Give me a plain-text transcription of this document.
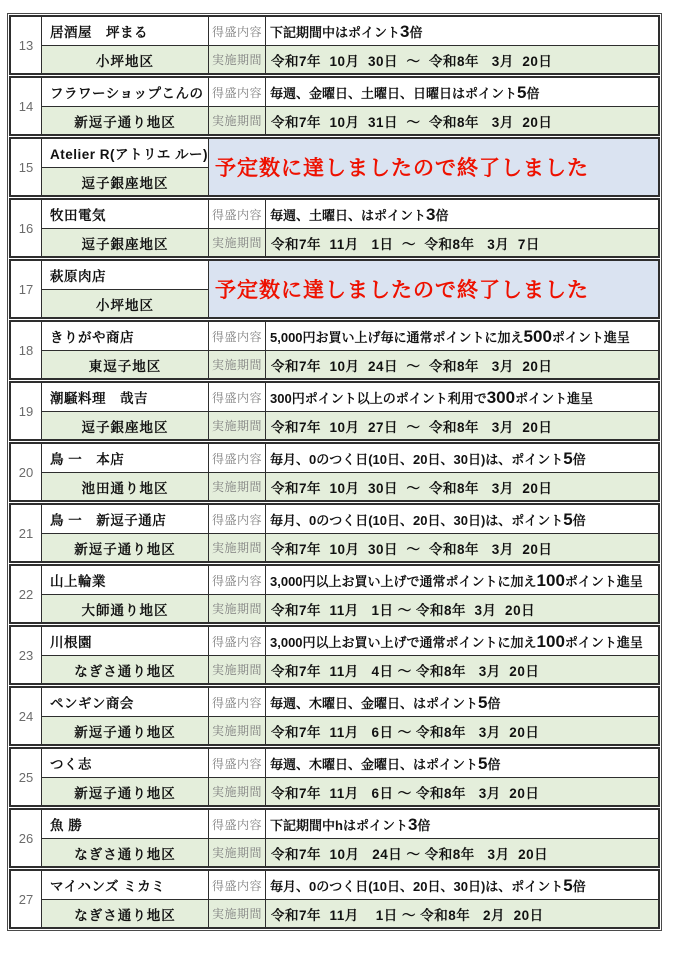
13
居酒屋　坪まる	得盛内容 下記期間中はポイント 3 倍
小坪地区	実施期間 令和7年  10月  30日  ～  令和8年   3月  20日
14
フラワーショップこんの 得盛内容 毎週、金曜日、土曜日、日曜日はポイント 5 倍
新逗子通り地区	実施期間 令和7年  10月  31日  ～  令和8年   3月  20日
15
Atelier R(アトリエ ルー)
逗子銀座地区
予定数に達しましたので終了しました
16
牧田電気	得盛内容 毎週、土曜日、はポイント 3 倍
逗子銀座地区	実施期間 令和7年  11月   1日  ～  令和8年   3月  7日
17
萩原肉店
小坪地区
予定数に達しましたので終了しました
18
きりがや商店	得盛内容 5,000円お買い上げ毎に通常ポイントに加え 500 ポイント進呈
東逗子地区	実施期間 令和7年  10月  24日  ～  令和8年   3月  20日
19
潮騒料理　哉吉	得盛内容 300円ポイント以上のポイント利用で 300 ポイント進呈
逗子銀座地区	実施期間 令和7年  10月  27日  ～  令和8年   3月  20日
20
鳥 一　本店	得盛内容 毎月、0のつく日(10日、20日、30日)は、ポイント 5 倍
池田通り地区	実施期間 令和7年  10月  30日  ～  令和8年   3月  20日
21
鳥 一　新逗子通店	得盛内容 毎月、0のつく日(10日、20日、30日)は、ポイント 5 倍
新逗子通り地区	実施期間 令和7年  10月  30日  ～  令和8年   3月  20日
22
山上輪業	得盛内容 3,000円以上お買い上げで通常ポイントに加え 100 ポイント進呈
大師通り地区	実施期間 令和7年  11月   1日 ～ 令和8年  3月  20日
23
川根園	得盛内容 3,000円以上お買い上げで通常ポイントに加え 100 ポイント進呈
なぎさ通り地区	実施期間 令和7年  11月   4日 ～ 令和8年   3月  20日
24
ペンギン商会	得盛内容 毎週、木曜日、金曜日、はポイント 5 倍
新逗子通り地区	実施期間 令和7年  11月   6日 ～ 令和8年   3月  20日
25
つく志	得盛内容 毎週、木曜日、金曜日、はポイント 5 倍
新逗子通り地区	実施期間 令和7年  11月   6日 ～ 令和8年   3月  20日
26
魚 勝	得盛内容 下記期間中hはポイント 3 倍
なぎさ通り地区	実施期間 令和7年  10月   24日 ～ 令和8年   3月  20日
27
マイハンズ ミカミ	得盛内容 毎月、0のつく日(10日、20日、30日)は、ポイント 5 倍
なぎさ通り地区	実施期間 令和7年  11月    1日 ～ 令和8年   2月  20日
